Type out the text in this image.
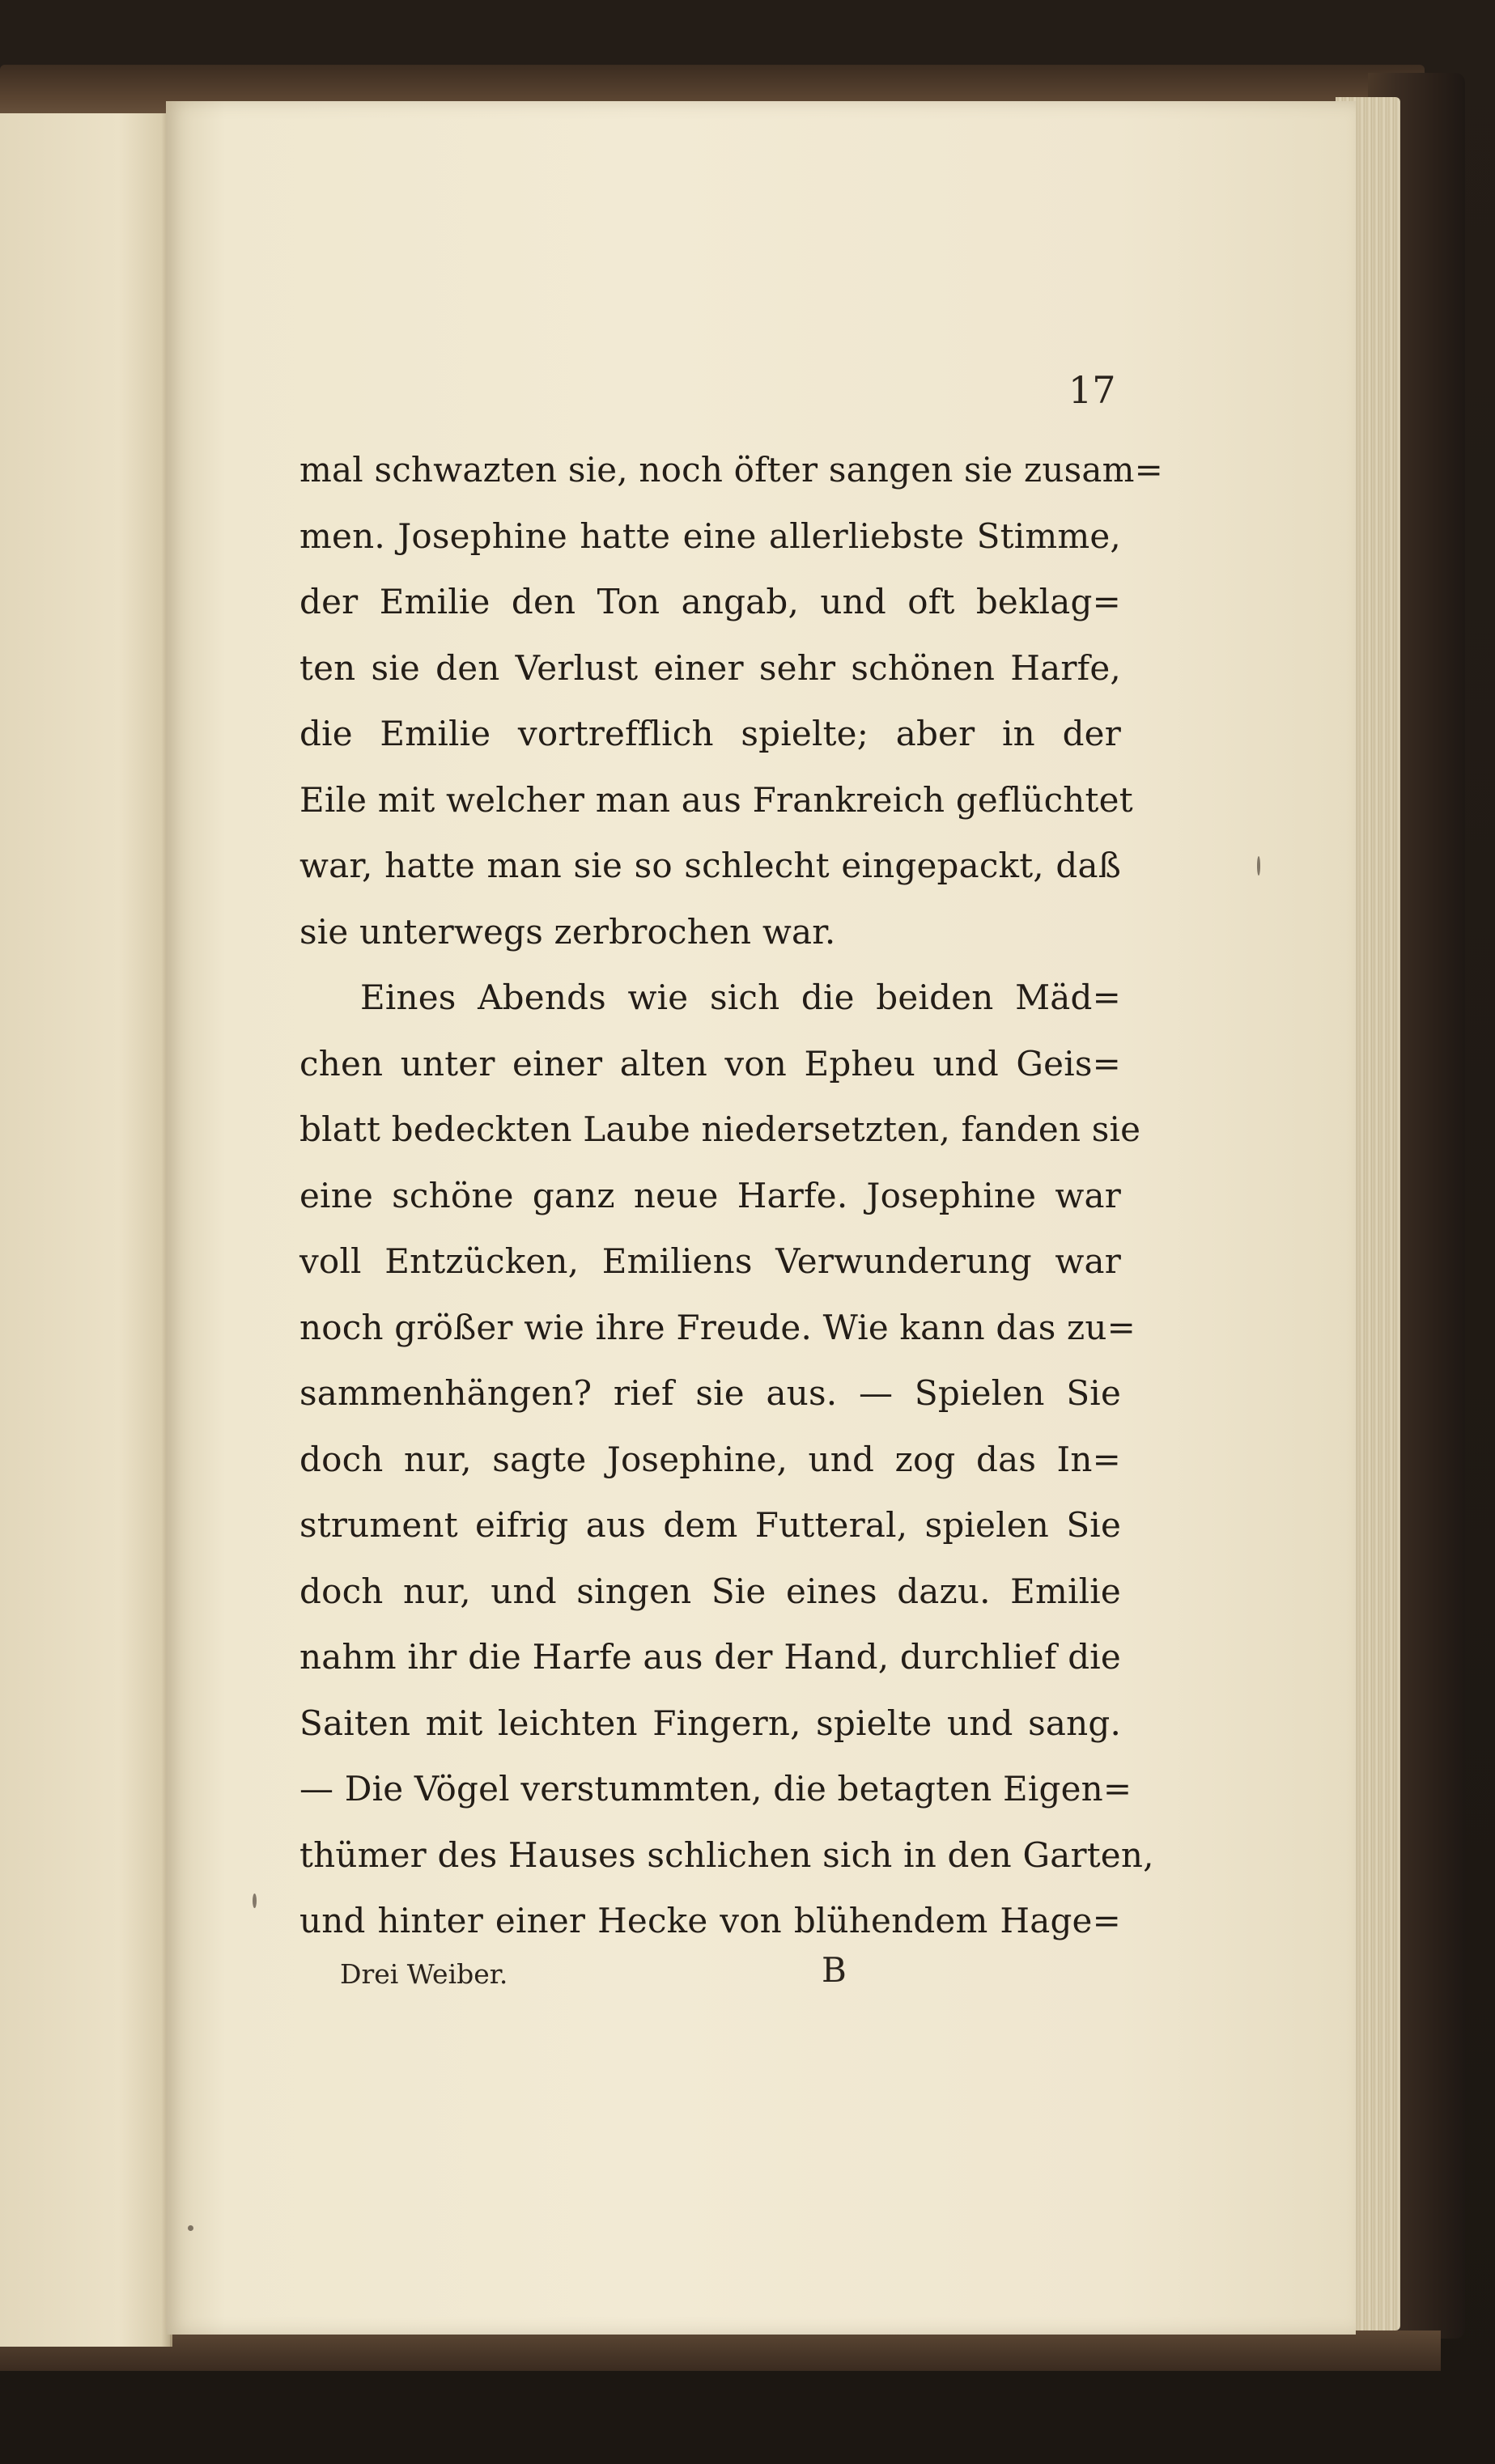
17
mal schwazten sie, noch öfter sangen sie zusam=
men. Josephine hatte eine allerliebste Stimme,
der Emilie den Ton angab, und oft beklag=
ten sie den Verlust einer sehr schönen Harfe,
die Emilie vortrefflich spielte; aber in der
Eile mit welcher man aus Frankreich geflüchtet
war, hatte man sie so schlecht eingepackt, daß
sie unterwegs zerbrochen war.
Eines Abends wie sich die beiden Mäd=
chen unter einer alten von Epheu und Geis=
blatt bedeckten Laube niedersetzten, fanden sie
eine schöne ganz neue Harfe. Josephine war
voll Entzücken, Emiliens Verwunderung war
noch größer wie ihre Freude. Wie kann das zu=
sammenhängen? rief sie aus. — Spielen Sie
doch nur, sagte Josephine, und zog das In=
strument eifrig aus dem Futteral, spielen Sie
doch nur, und singen Sie eines dazu. Emilie
nahm ihr die Harfe aus der Hand, durchlief die
Saiten mit leichten Fingern, spielte und sang.
— Die Vögel verstummten, die betagten Eigen=
thümer des Hauses schlichen sich in den Garten,
und hinter einer Hecke von blühendem Hage=
Drei Weiber.	B
